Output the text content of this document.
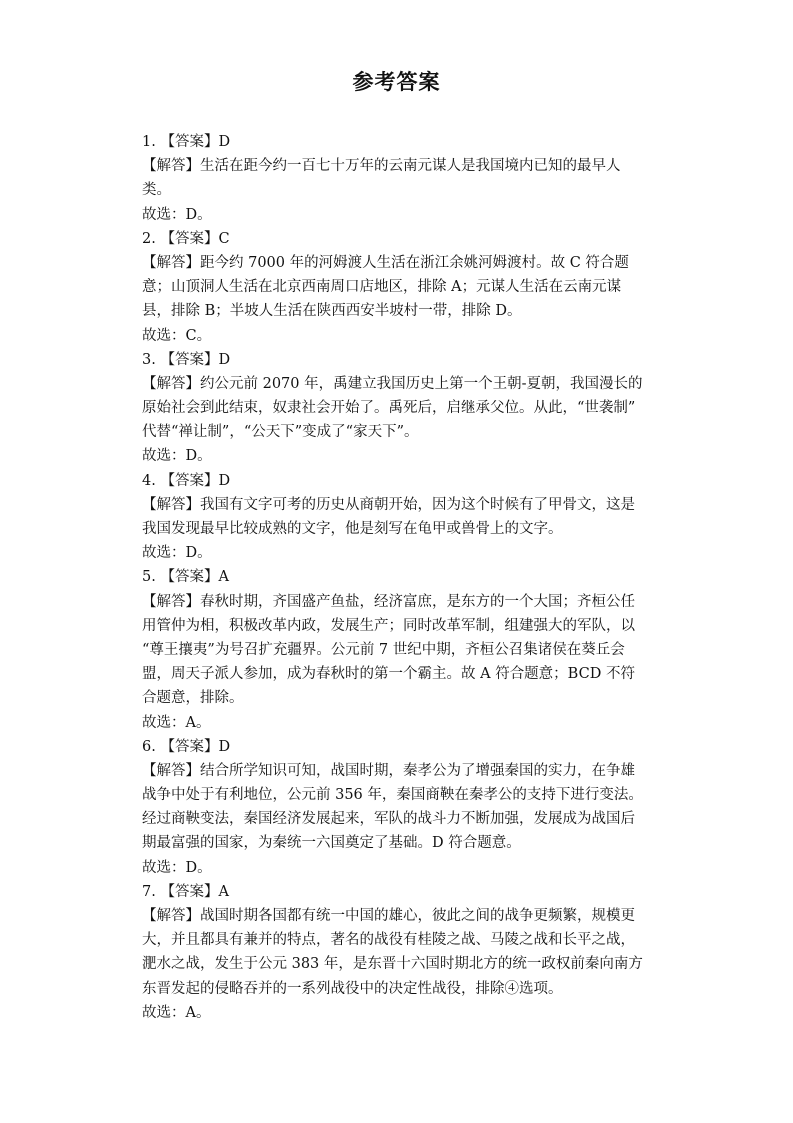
参考答案
1. 【答案】D
【解答】生活在距今约一百七十万年的云南元谋人是我国境内已知的最早人
类。
故选：D。
2. 【答案】C
【解答】距今约 7000 年的河姆渡人生活在浙江余姚河姆渡村。故 C 符合题
意；山顶洞人生活在北京西南周口店地区，排除 A；元谋人生活在云南元谋
县，排除 B；半坡人生活在陕西西安半坡村一带，排除 D。
故选：C。
3. 【答案】D
【解答】约公元前 2070 年，禹建立我国历史上第一个王朝-夏朝，我国漫长的
原始社会到此结束，奴隶社会开始了。禹死后，启继承父位。从此，“世袭制”
代替“禅让制”，“公天下”变成了“家天下”。
故选：D。
4. 【答案】D
【解答】我国有文字可考的历史从商朝开始，因为这个时候有了甲骨文，这是
我国发现最早比较成熟的文字，他是刻写在龟甲或兽骨上的文字。
故选：D。
5. 【答案】A
【解答】春秋时期，齐国盛产鱼盐，经济富庶，是东方的一个大国；齐桓公任
用管仲为相，积极改革内政，发展生产；同时改革军制，组建强大的军队，以
“尊王攘夷”为号召扩充疆界。公元前 7 世纪中期，齐桓公召集诸侯在葵丘会
盟，周天子派人参加，成为春秋时的第一个霸主。故 A 符合题意；BCD 不符
合题意，排除。
故选：A。
6. 【答案】D
【解答】结合所学知识可知，战国时期，秦孝公为了增强秦国的实力，在争雄
战争中处于有利地位，公元前 356 年，秦国商鞅在秦孝公的支持下进行变法。
经过商鞅变法，秦国经济发展起来，军队的战斗力不断加强，发展成为战国后
期最富强的国家，为秦统一六国奠定了基础。D 符合题意。
故选：D。
7. 【答案】A
【解答】战国时期各国都有统一中国的雄心，彼此之间的战争更频繁，规模更
大，并且都具有兼并的特点，著名的战役有桂陵之战、马陵之战和长平之战，
淝水之战，发生于公元 383 年，是东晋十六国时期北方的统一政权前秦向南方
东晋发起的侵略吞并的一系列战役中的决定性战役，排除④选项。
故选：A。
